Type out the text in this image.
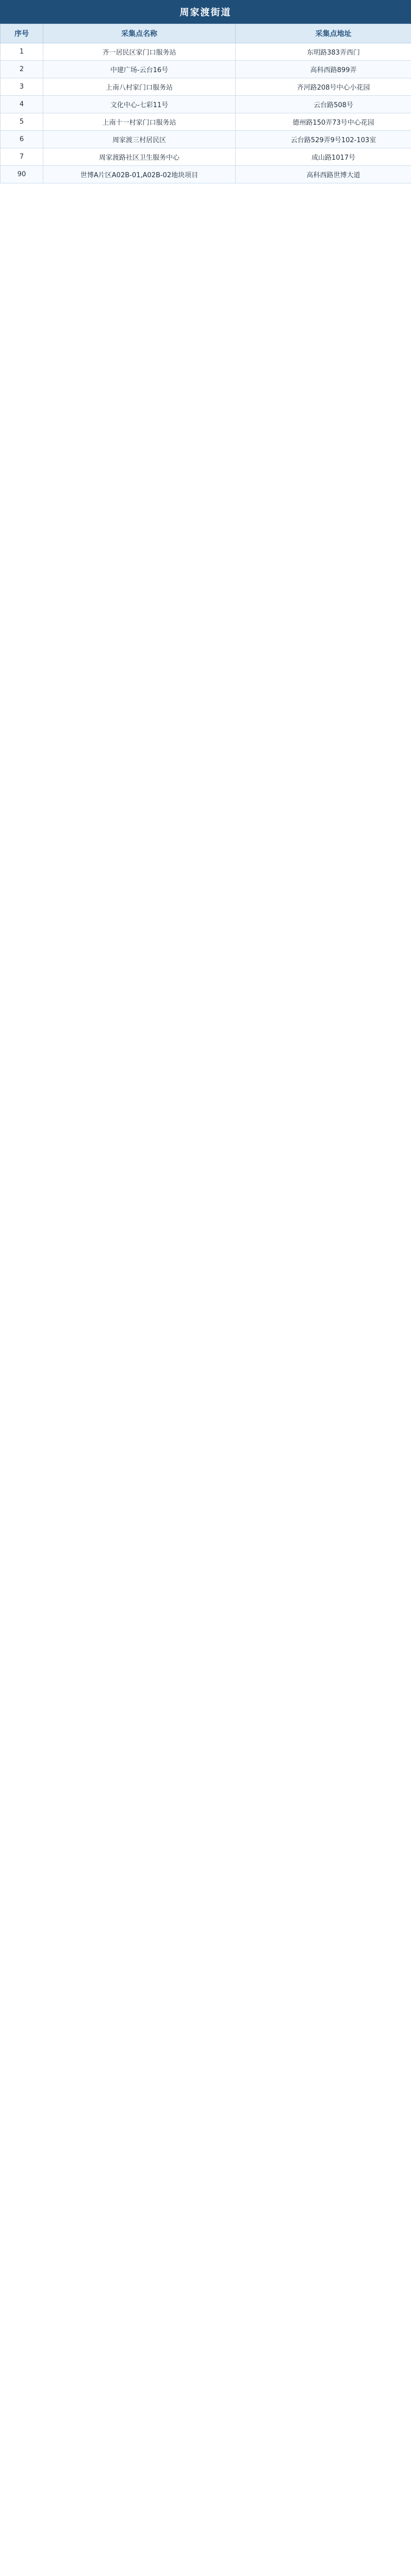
周家渡街道
序号	采集点名称	采集点地址
1	齐一居民区家门口服务站	东明路383弄西门
2	中建广场-云台16号	高科西路899弄
3	上南八村家门口服务站	齐河路208号中心小花园
4	文化中心-七彩11号	云台路508号
5	上南十一村家门口服务站	德州路150弄73号中心花园
6	周家渡三村居民区	云台路529弄9号102-103室
7	周家渡路社区卫生服务中心	成山路1017号
90	世博A片区A02B-01,A02B-02地块项目	高科西路世博大道
